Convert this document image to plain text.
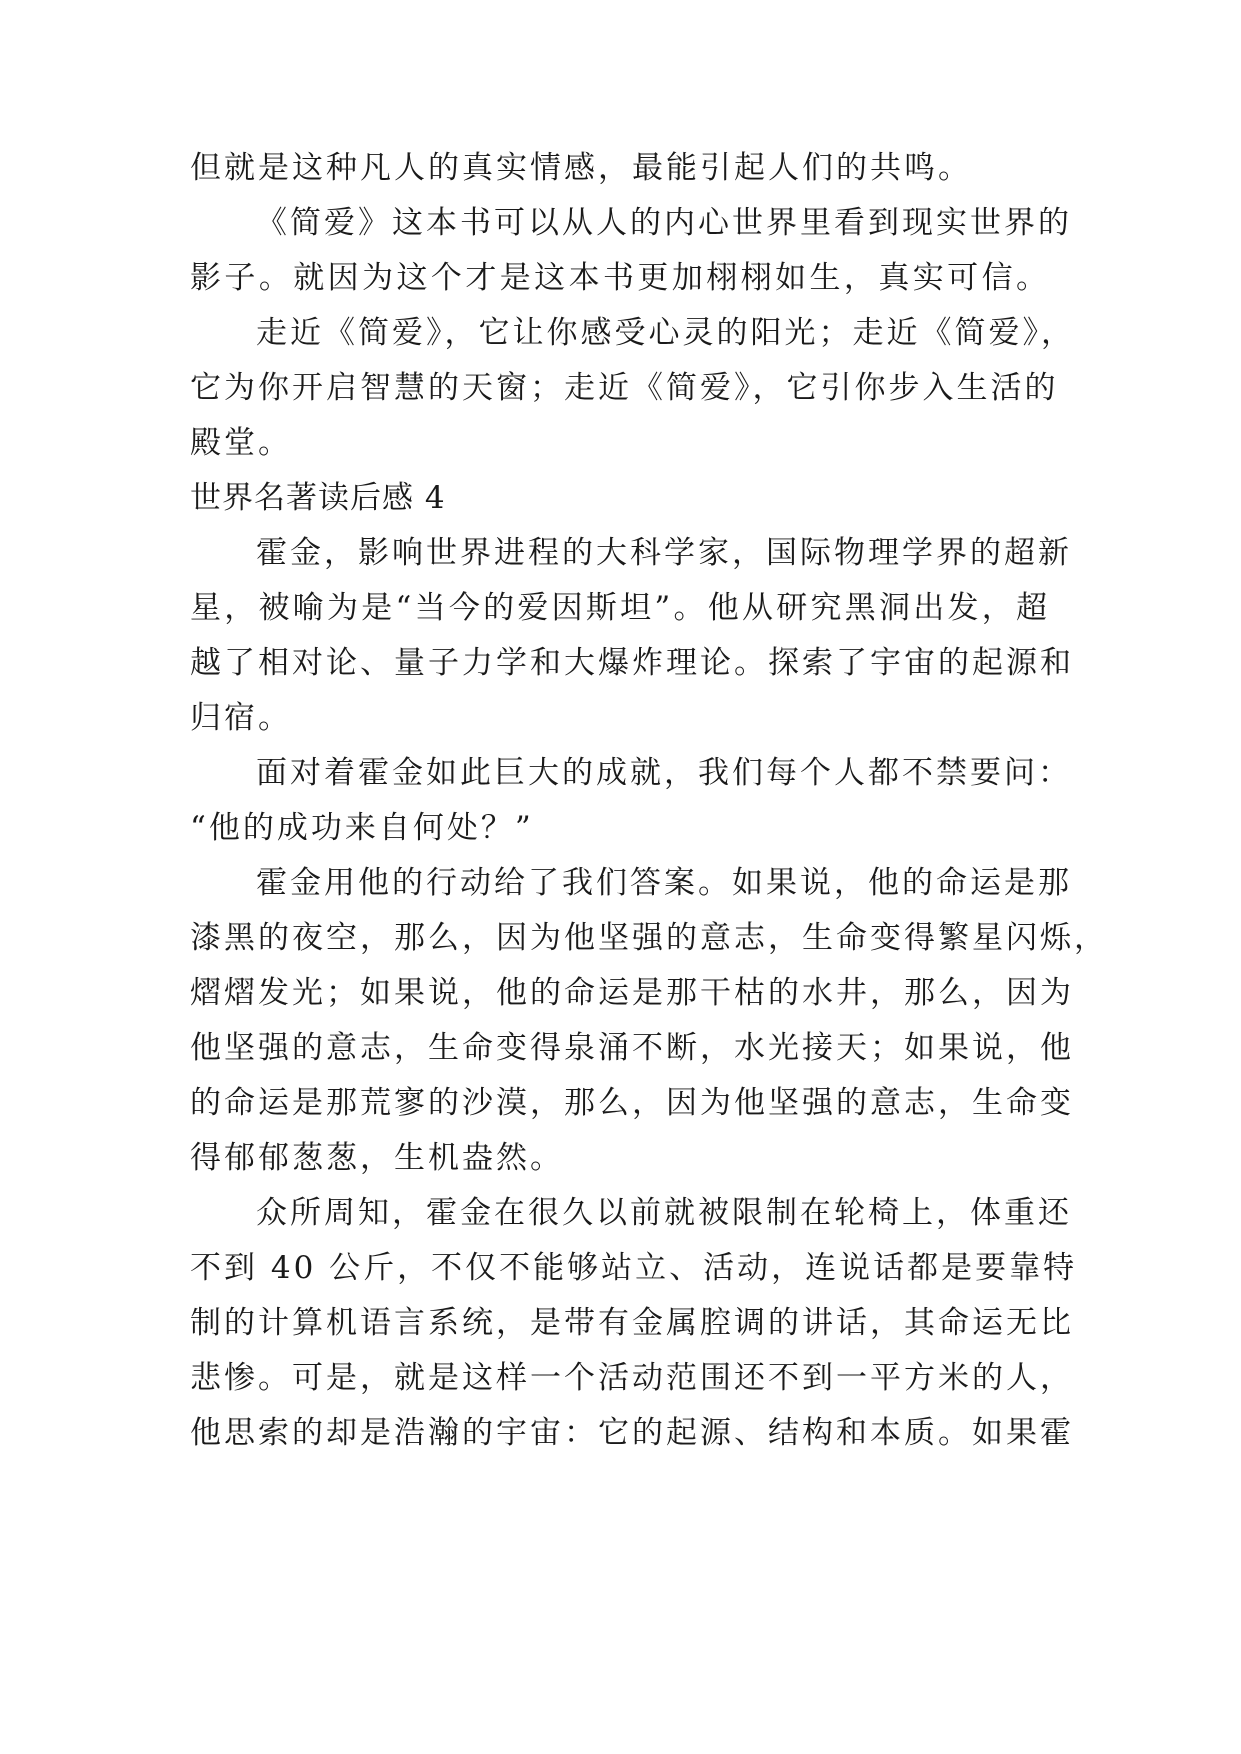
但就是这种凡人的真实情感，最能引起人们的共鸣。

《简爱》这本书可以从人的内心世界里看到现实世界的

影子。就因为这个才是这本书更加栩栩如生，真实可信。

走近《简爱》，它让你感受心灵的阳光；走近《简爱》，

它为你开启智慧的天窗；走近《简爱》，它引你步入生活的

殿堂。

世界名著读后感 4

霍金，影响世界进程的大科学家，国际物理学界的超新

星，被喻为是“当今的爱因斯坦”。他从研究黑洞出发，超

越了相对论、量子力学和大爆炸理论。探索了宇宙的起源和

归宿。

面对着霍金如此巨大的成就，我们每个人都不禁要问：

“他的成功来自何处？”

霍金用他的行动给了我们答案。如果说，他的命运是那

漆黑的夜空，那么，因为他坚强的意志，生命变得繁星闪烁，

熠熠发光；如果说，他的命运是那干枯的水井，那么，因为

他坚强的意志，生命变得泉涌不断，水光接天；如果说，他

的命运是那荒寥的沙漠，那么，因为他坚强的意志，生命变

得郁郁葱葱，生机盎然。

众所周知，霍金在很久以前就被限制在轮椅上，体重还

不到 40 公斤，不仅不能够站立、活动，连说话都是要靠特

制的计算机语言系统，是带有金属腔调的讲话，其命运无比

悲惨。可是，就是这样一个活动范围还不到一平方米的人，

他思索的却是浩瀚的宇宙：它的起源、结构和本质。如果霍
